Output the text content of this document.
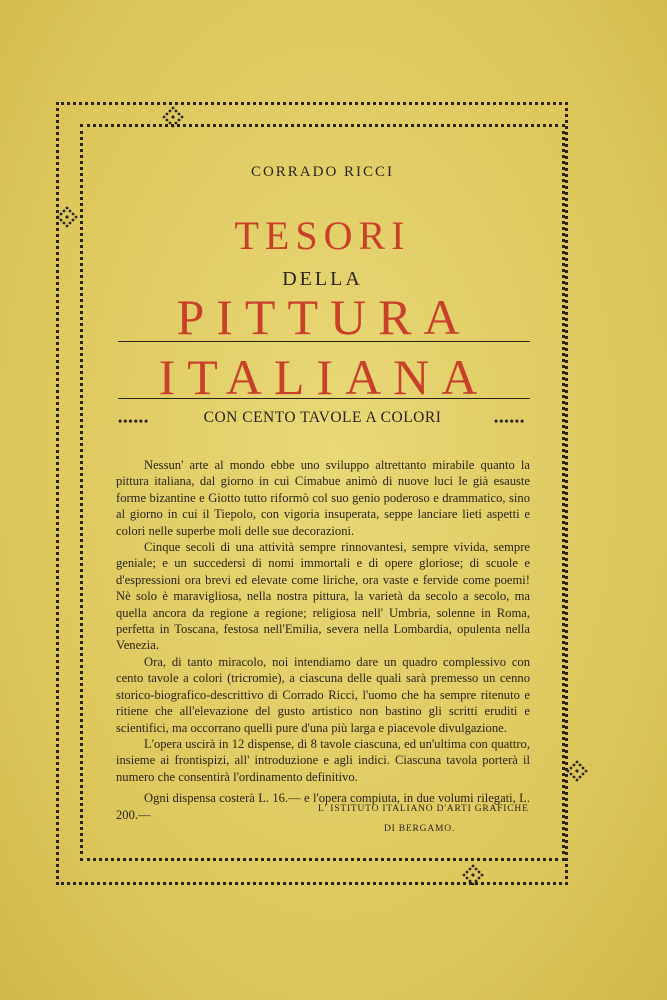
CORRADO RICCI
TESORI
DELLA
PITTURA
ITALIANA
••••••	CON CENTO TAVOLE A COLORI	••••••

Nessun' arte al mondo ebbe uno sviluppo altrettanto mirabile quanto la pittura italiana, dal giorno in cui Cimabue animò di nuove luci le già esauste forme bizantine e Giotto tutto riformò col suo genio poderoso e drammatico, sino al giorno in cui il Tiepolo, con vigoria insuperata, seppe lanciare lieti aspetti e colori nelle superbe moli delle sue decorazioni.

Cinque secoli di una attività sempre rinnovantesi, sempre vivida, sempre geniale; e un succedersi di nomi immortali e di opere gloriose; di scuole e d'espressioni ora brevi ed elevate come liriche, ora vaste e fervide come poemi! Nè solo è maravigliosa, nella nostra pittura, la varietà da secolo a secolo, ma quella ancora da regione a regione; religiosa nell' Umbria, solenne in Roma, perfetta in Toscana, festosa nell'Emilia, severa nella Lombardia, opulenta nella Venezia.

Ora, di tanto miracolo, noi intendiamo dare un quadro complessivo con cento tavole a colori (tricromie), a ciascuna delle quali sarà premesso un cenno storico-biografico-descrittivo di Corrado Ricci, l'uomo che ha sempre ritenuto e ritiene che all'elevazione del gusto artistico non bastino gli scritti eruditi e scientifici, ma occorrano quelli pure d'una più larga e piacevole divulgazione.

L'opera uscirà in 12 dispense, di 8 tavole ciascuna, ed un'ultima con quattro, insieme ai frontispizi, all' introduzione e agli indici. Ciascuna tavola porterà il numero che consentirà l'ordinamento definitivo.

Ogni dispensa costerà L. 16.— e l'opera compiuta, in due volumi rilegati, L. 200.—	L' ISTITUTO ITALIANO D'ARTI GRAFICHE
DI BERGAMO.
